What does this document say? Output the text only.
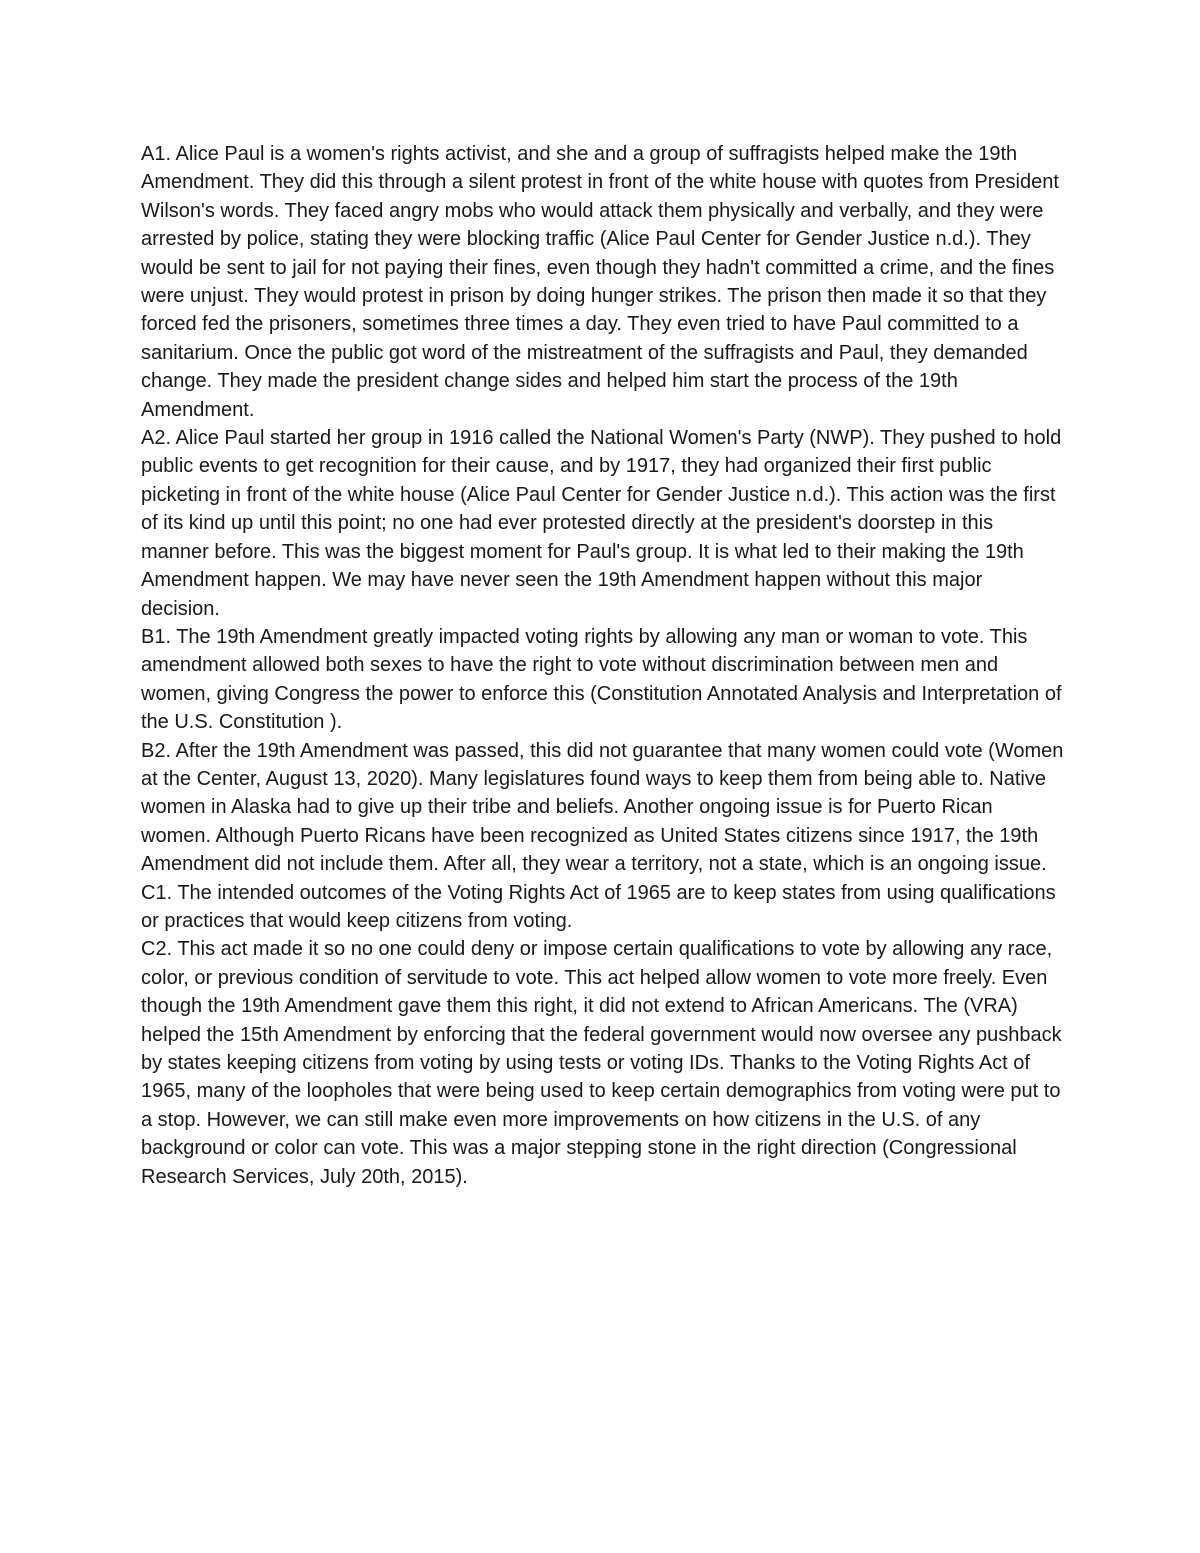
A1. Alice Paul is a women's rights activist, and she and a group of suffragists helped make the 19th Amendment. They did this through a silent protest in front of the white house with quotes from President Wilson's words. They faced angry mobs who would attack them physically and verbally, and they were arrested by police, stating they were blocking traffic (Alice Paul Center for Gender Justice n.d.). They would be sent to jail for not paying their fines, even though they hadn't committed a crime, and the fines were unjust. They would protest in prison by doing hunger strikes. The prison then made it so that they forced fed the prisoners, sometimes three times a day. They even tried to have Paul committed to a sanitarium. Once the public got word of the mistreatment of the suffragists and Paul, they demanded change. They made the president change sides and helped him start the process of the 19th Amendment.

A2. Alice Paul started her group in 1916 called the National Women's Party (NWP). They pushed to hold public events to get recognition for their cause, and by 1917, they had organized their first public picketing in front of the white house (Alice Paul Center for Gender Justice n.d.). This action was the first of its kind up until this point; no one had ever protested directly at the president's doorstep in this manner before. This was the biggest moment for Paul's group. It is what led to their making the 19th Amendment happen. We may have never seen the 19th Amendment happen without this major decision.

B1. The 19th Amendment greatly impacted voting rights by allowing any man or woman to vote. This amendment allowed both sexes to have the right to vote without discrimination between men and women, giving Congress the power to enforce this (Constitution Annotated Analysis and Interpretation of the U.S. Constitution ).

B2. After the 19th Amendment was passed, this did not guarantee that many women could vote (Women at the Center, August 13, 2020). Many legislatures found ways to keep them from being able to. Native women in Alaska had to give up their tribe and beliefs. Another ongoing issue is for Puerto Rican women. Although Puerto Ricans have been recognized as United States citizens since 1917, the 19th Amendment did not include them. After all, they wear a territory, not a state, which is an ongoing issue.

C1. The intended outcomes of the Voting Rights Act of 1965 are to keep states from using qualifications or practices that would keep citizens from voting.

C2. This act made it so no one could deny or impose certain qualifications to vote by allowing any race, color, or previous condition of servitude to vote. This act helped allow women to vote more freely. Even though the 19th Amendment gave them this right, it did not extend to African Americans. The (VRA) helped the 15th Amendment by enforcing that the federal government would now oversee any pushback by states keeping citizens from voting by using tests or voting IDs. Thanks to the Voting Rights Act of 1965, many of the loopholes that were being used to keep certain demographics from voting were put to a stop. However, we can still make even more improvements on how citizens in the U.S. of any background or color can vote. This was a major stepping stone in the right direction (Congressional Research Services, July 20th, 2015).
